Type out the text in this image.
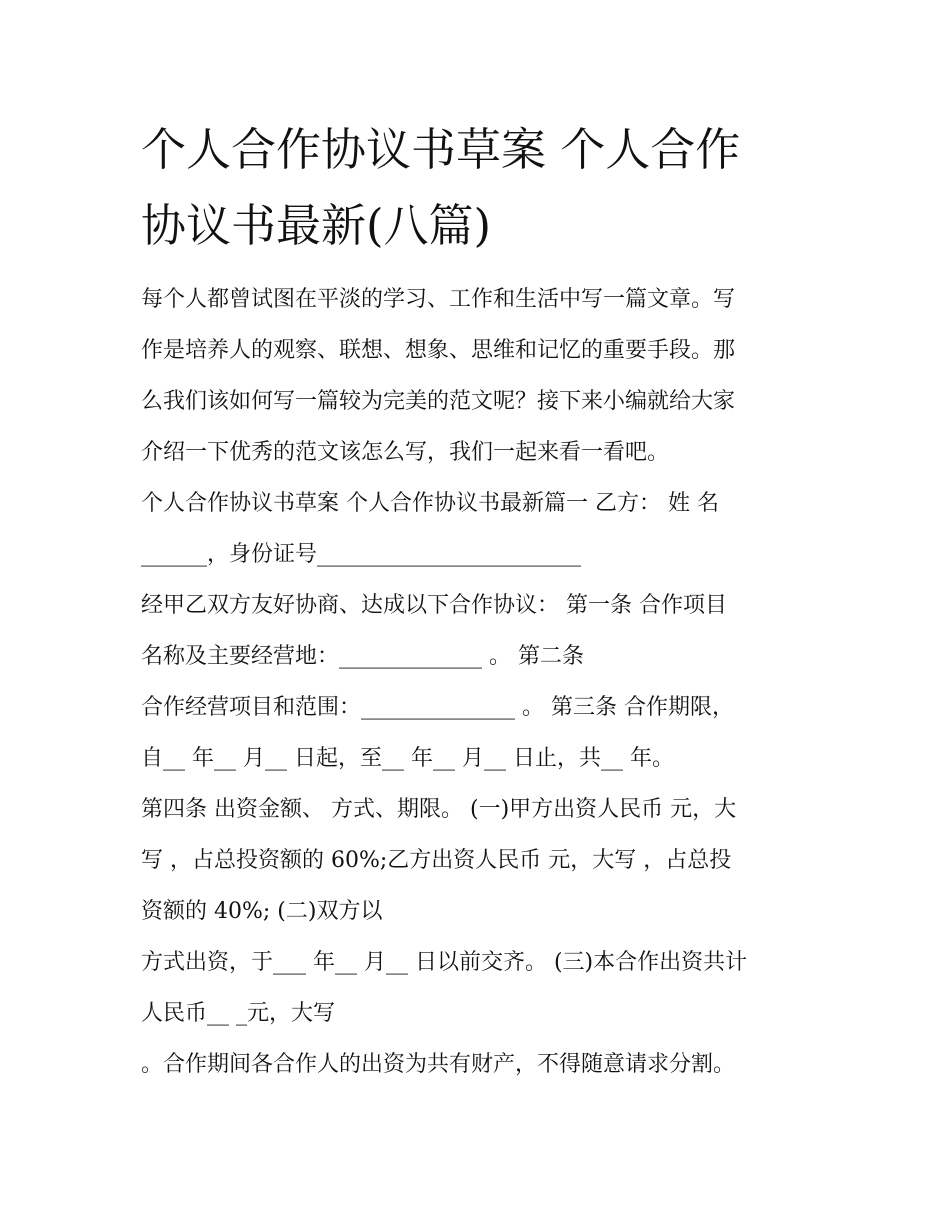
个人合作协议书草案 个人合作
协议书最新(八篇)

每个人都曾试图在平淡的学习、工作和生活中写一篇文章。写

作是培养人的观察、联想、想象、思维和记忆的重要手段。那

么我们该如何写一篇较为完美的范文呢？接下来小编就给大家

介绍一下优秀的范文该怎么写，我们一起来看一看吧。

个人合作协议书草案 个人合作协议书最新篇一 乙方： 姓 名

______，身份证号________________________

经甲乙双方友好协商、达成以下合作协议： 第一条 合作项目

名称及主要经营地：_____________ 。 第二条

合作经营项目和范围：______________ 。 第三条 合作期限，

自__ 年__ 月__ 日起，至__ 年__ 月__ 日止，共__ 年。

第四条 出资金额、 方式、期限。 (一)甲方出资人民币 元，大

写 ，占总投资额的 60%;乙方出资人民币 元，大写 ，占总投

资额的 40%; (二)双方以

方式出资，于___ 年__ 月__ 日以前交齐。 (三)本合作出资共计

人民币__ _元，大写

。合作期间各合作人的出资为共有财产，不得随意请求分割。
